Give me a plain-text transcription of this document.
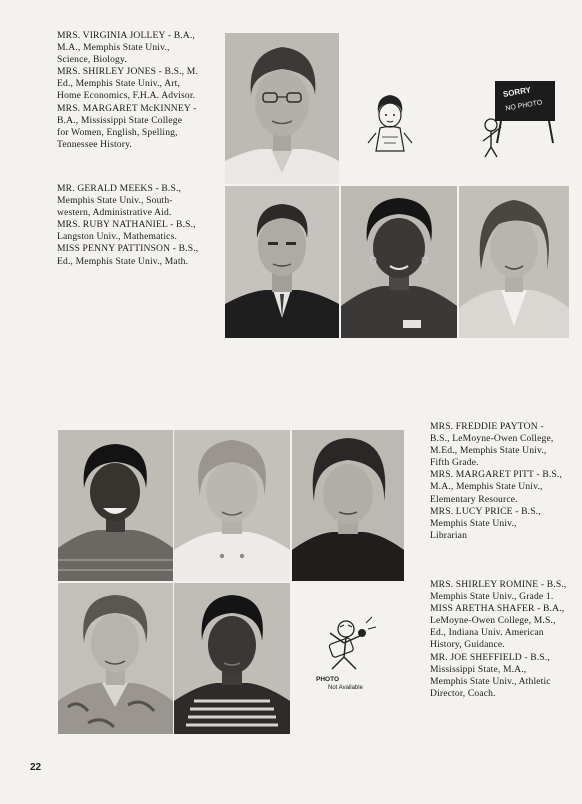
MRS. VIRGINIA JOLLEY - B.A.,

M.A., Memphis State Univ.,

Science, Biology.

MRS. SHIRLEY JONES - B.S., M.

Ed., Memphis State Univ., Art,

Home Economics, F.H.A. Advisor.

MRS. MARGARET McKINNEY -

B.A., Mississippi State College

for Women, English, Spelling,

Tennessee History.

MR. GERALD MEEKS - B.S.,

Memphis State Univ., South-

western, Administrative Aid.

MRS. RUBY NATHANIEL - B.S.,

Langston Univ., Mathematics.

MISS PENNY PATTINSON - B.S.,

Ed., Memphis State Univ., Math.

SORRY
NO PHOTO
PHOTO
Not Available

MRS. FREDDIE PAYTON -

B.S., LeMoyne-Owen College,

M.Ed., Memphis State Univ.,

Fifth Grade.

MRS. MARGARET PITT - B.S.,

M.A., Memphis State Univ.,

Elementary Resource.

MRS. LUCY PRICE - B.S.,

Memphis State Univ.,

Librarian

MRS. SHIRLEY ROMINE - B.S.,

Memphis State Univ., Grade 1.

MISS ARETHA SHAFER - B.A.,

LeMoyne-Owen College, M.S.,

Ed., Indiana Univ. American

History, Guidance.

MR. JOE SHEFFIELD - B.S.,

Mississippi State, M.A.,

Memphis State Univ., Athletic

Director, Coach.

22
